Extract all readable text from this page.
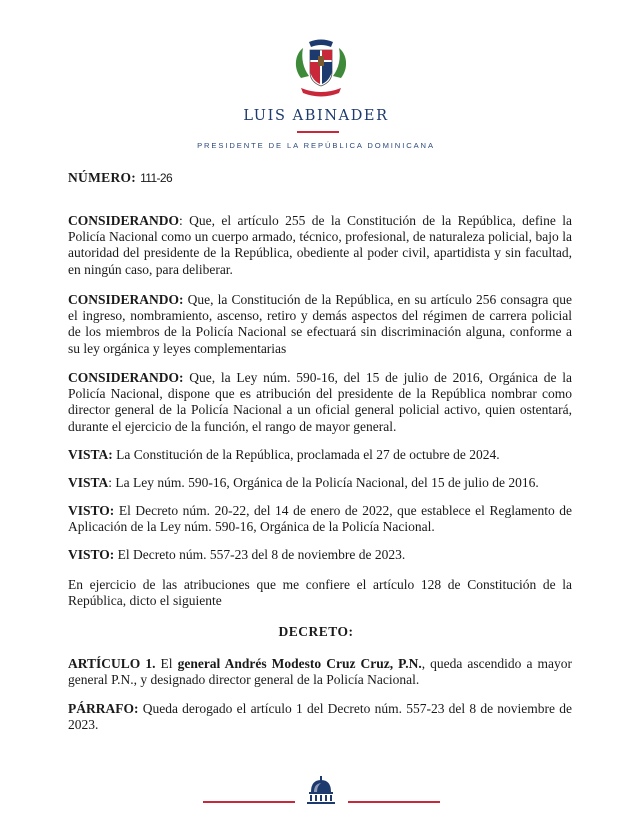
LUIS ABINADER
PRESIDENTE DE LA REPÚBLICA DOMINICANA
NÚMERO: 111-26

CONSIDERANDO: Que, el artículo 255 de la Constitución de la República, define la Policía Nacional como un cuerpo armado, técnico, profesional, de naturaleza policial, bajo la autoridad del presidente de la República, obediente al poder civil, apartidista y sin facultad, en ningún caso, para deliberar.

CONSIDERANDO: Que, la Constitución de la República, en su artículo 256 consagra que el ingreso, nombramiento, ascenso, retiro y demás aspectos del régimen de carrera policial de los miembros de la Policía Nacional se efectuará sin discriminación alguna, conforme a su ley orgánica y leyes complementarias

CONSIDERANDO: Que, la Ley núm. 590-16, del 15 de julio de 2016, Orgánica de la Policía Nacional, dispone que es atribución del presidente de la República nombrar como director general de la Policía Nacional a un oficial general policial activo, quien ostentará, durante el ejercicio de la función, el rango de mayor general.

VISTA: La Constitución de la República, proclamada el 27 de octubre de 2024.

VISTA: La Ley núm. 590-16, Orgánica de la Policía Nacional, del 15 de julio de 2016.

VISTO: El Decreto núm. 20-22, del 14 de enero de 2022, que establece el Reglamento de Aplicación de la Ley núm. 590-16, Orgánica de la Policía Nacional.

VISTO: El Decreto núm. 557-23 del 8 de noviembre de 2023.

En ejercicio de las atribuciones que me confiere el artículo 128 de Constitución de la República, dicto el siguiente

DECRETO:

ARTÍCULO 1. El general Andrés Modesto Cruz Cruz, P.N., queda ascendido a mayor general P.N., y designado director general de la Policía Nacional.

PÁRRAFO: Queda derogado el artículo 1 del Decreto núm. 557-23 del 8 de noviembre de 2023.
